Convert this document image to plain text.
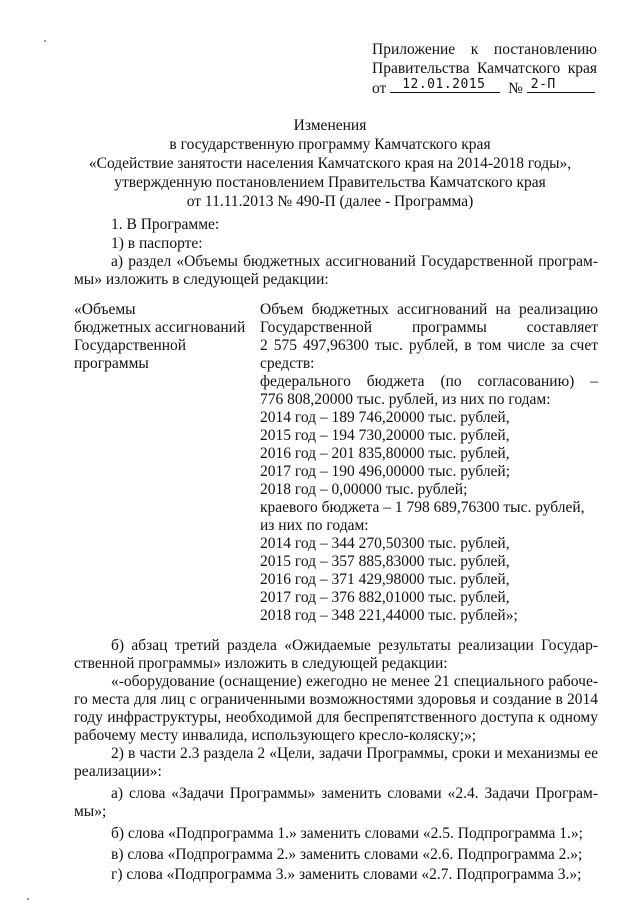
Приложение к постановлению
Правительства Камчатского края
от 12.01.2015 № 2-П
Изменения
в государственную программу Камчатского края
«Содействие занятости населения Камчатского края на 2014-2018 годы»,
утвержденную постановлением Правительства Камчатского края
от 11.11.2013 № 490-П (далее - Программа)
1. В Программе:
1) в паспорте:
а) раздел «Объемы бюджетных ассигнований Государственной програм-
мы» изложить в следующей редакции:
«Объемы
бюджетных ассигнований
Государственной
программы
Объем бюджетных ассигнований на реализацию
Государственной программы составляет
2 575 497,96300 тыс. рублей, в том числе за счет
средств:
федерального бюджета (по согласованию) –
776 808,20000 тыс. рублей, из них по годам:
2014 год – 189 746,20000 тыс. рублей,
2015 год – 194 730,20000 тыс. рублей,
2016 год – 201 835,80000 тыс. рублей,
2017 год – 190 496,00000 тыс. рублей;
2018 год – 0,00000 тыс. рублей;
краевого бюджета – 1 798 689,76300 тыс. рублей,
из них по годам:
2014 год – 344 270,50300 тыс. рублей,
2015 год – 357 885,83000 тыс. рублей,
2016 год – 371 429,98000 тыс. рублей,
2017 год – 376 882,01000 тыс. рублей,
2018 год – 348 221,44000 тыс. рублей»;
б) абзац третий раздела «Ожидаемые результаты реализации Государ-
ственной программы» изложить в следующей редакции:
«-оборудование (оснащение) ежегодно не менее 21 специального рабоче-
го места для лиц с ограниченными возможностями здоровья и создание в 2014
году инфраструктуры, необходимой для беспрепятственного доступа к одному
рабочему месту инвалида, использующего кресло-коляску;»;
2) в части 2.3 раздела 2 «Цели, задачи Программы, сроки и механизмы ее
реализации»:
а) слова «Задачи Программы» заменить словами «2.4. Задачи Програм-
мы»;
б) слова «Подпрограмма 1.» заменить словами «2.5. Подпрограмма 1.»;
в) слова «Подпрограмма 2.» заменить словами «2.6. Подпрограмма 2.»;
г) слова «Подпрограмма 3.» заменить словами «2.7. Подпрограмма 3.»;
